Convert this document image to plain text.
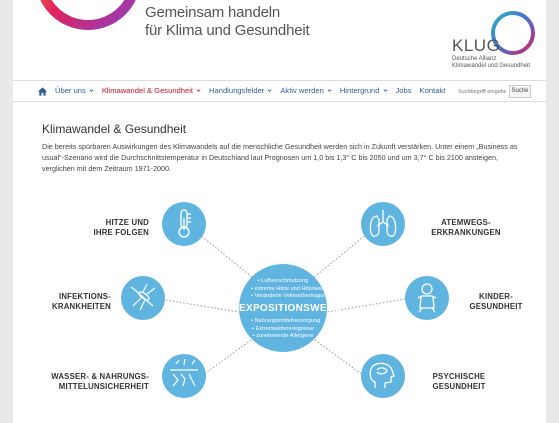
Gemeinsam handeln
für Klima und Gesundheit
KLUG
Deutsche Allianz
Klimawandel und Gesundheit
Über uns Klimawandel & Gesundheit Handlungsfelder Aktiv werden Hintergrund Jobs Kontakt
Suchbegriff eingeben...	Suche
Klimawandel & Gesundheit

Die bereits spürbaren Auswirkungen des Klimawandels auf die menschliche Gesundheit werden sich in Zukunft verstärken. Unter einem „Business as usual“-Szenario wird die Durchschnittstemperatur in Deutschland laut Prognosen um 1,0 bis 1,3° C bis 2050 und um 3,7° C bis 2100 ansteigen, verglichen mit dem Zeitraum 1971-2000.

• Luftverschmutzung
• extreme Hitze und Hitzewellen
• Veränderte Vektorübertragungen
EXPOSITIONSWEGE
• Nahrungsmittelversorgung
• Extremwetterereignisse
• zunehmende Allergene
HITZE UND
IHRE FOLGEN
INFEKTIONS-
KRANKHEITEN
WASSER- & NAHRUNGS-
MITTELUNSICHERHEIT
ATEMWEGS-
ERKRANKUNGEN
KINDER-
GESUNDHEIT
PSYCHISCHE
GESUNDHEIT
